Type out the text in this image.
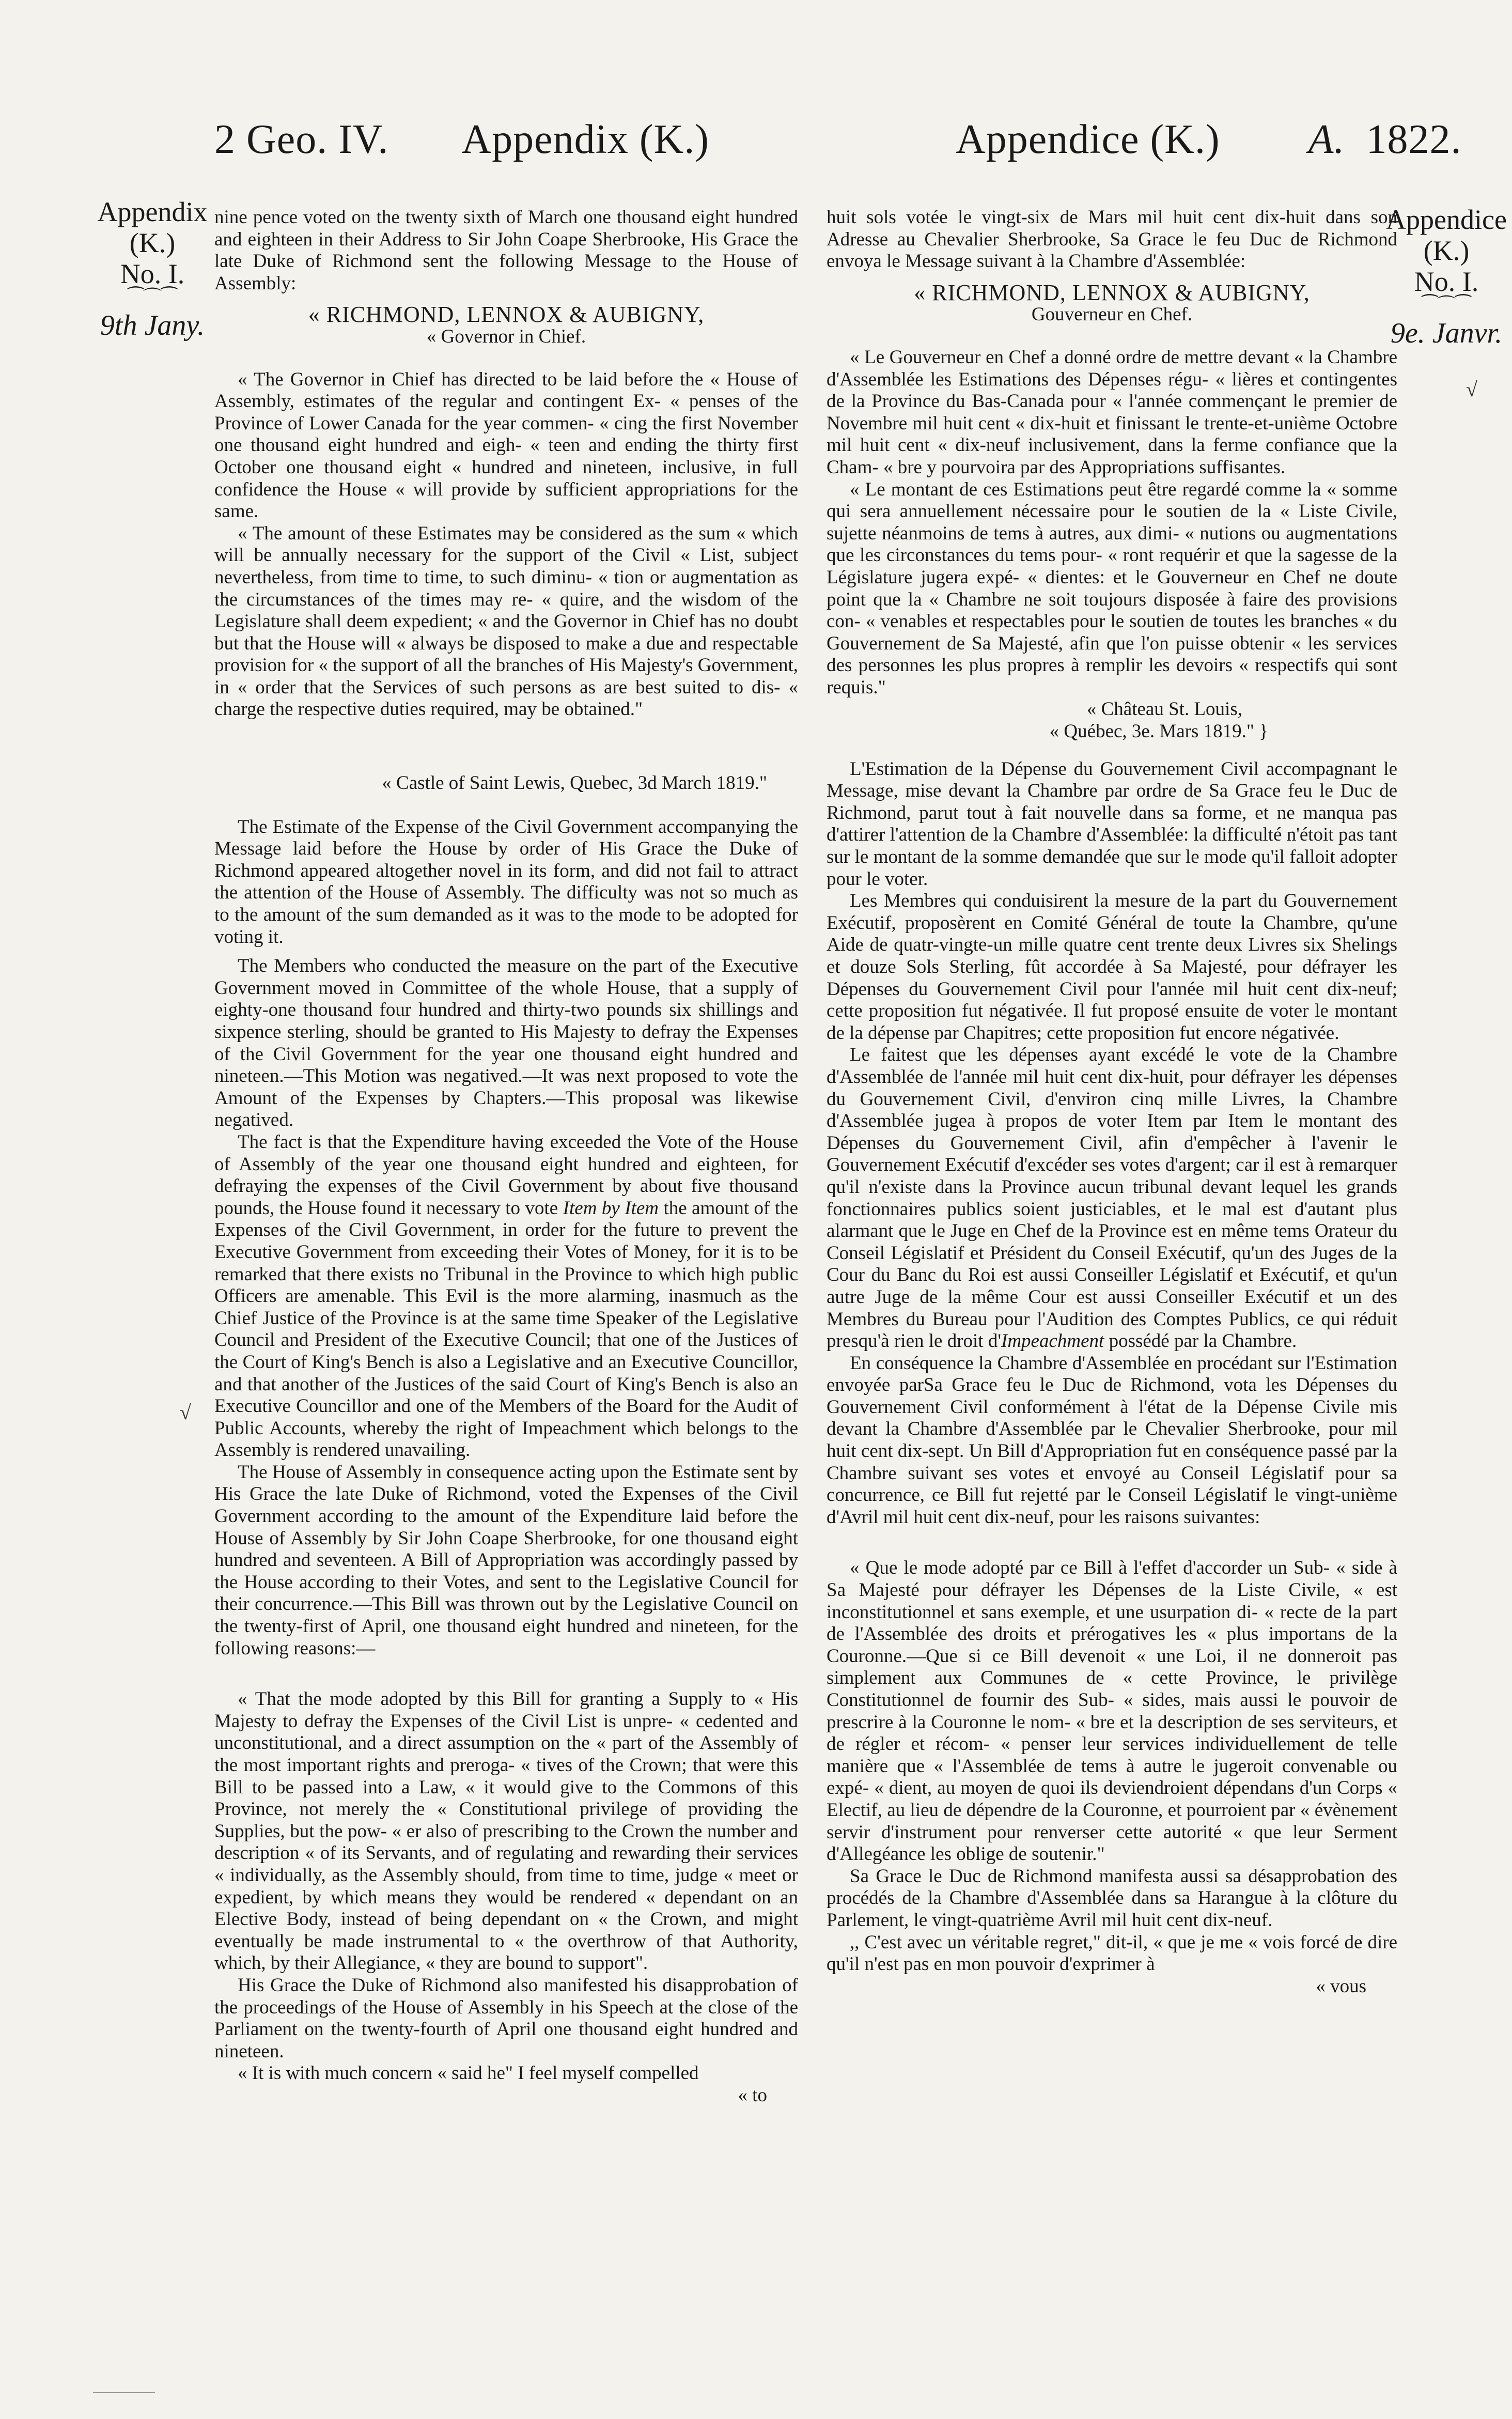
2 Geo. IV. Appendix (K.)	Appendice (K.) A. 1822.
Appendix
(K.)
No. I.
⁀⌒⁀
9th Jany.
Appendice
(K.)
No. I.
⁀⌒⁀
9e. Janvr.
√
√

nine pence voted on the twenty sixth of March one thousand eight hundred and eighteen in their Address to Sir John Coape Sherbrooke, His Grace the late Duke of Richmond sent the following Message to the House of Assembly:

« RICHMOND, LENNOX & AUBIGNY,

« Governor in Chief.

« The Governor in Chief has directed to be laid before the « House of Assembly, estimates of the regular and contingent Ex- « penses of the Province of Lower Canada for the year commen- « cing the first November one thousand eight hundred and eigh- « teen and ending the thirty first October one thousand eight « hundred and nineteen, inclusive, in full confidence the House « will provide by sufficient appropriations for the same.

« The amount of these Estimates may be considered as the sum « which will be annually necessary for the support of the Civil « List, subject nevertheless, from time to time, to such diminu- « tion or augmentation as the circumstances of the times may re- « quire, and the wisdom of the Legislature shall deem expedient; « and the Governor in Chief has no doubt but that the House will « always be disposed to make a due and respectable provision for « the support of all the branches of His Majesty's Government, in « order that the Services of such persons as are best suited to dis- « charge the respective duties required, may be obtained."

« Castle of Saint Lewis, Quebec, 3d March 1819."

The Estimate of the Expense of the Civil Government accompanying the Message laid before the House by order of His Grace the Duke of Richmond appeared altogether novel in its form, and did not fail to attract the attention of the House of Assembly. The difficulty was not so much as to the amount of the sum demanded as it was to the mode to be adopted for voting it.

The Members who conducted the measure on the part of the Executive Government moved in Committee of the whole House, that a supply of eighty-one thousand four hundred and thirty-two pounds six shillings and sixpence sterling, should be granted to His Majesty to defray the Expenses of the Civil Government for the year one thousand eight hundred and nineteen.—This Motion was negatived.—It was next proposed to vote the Amount of the Expenses by Chapters.—This proposal was likewise negatived.

The fact is that the Expenditure having exceeded the Vote of the House of Assembly of the year one thousand eight hundred and eighteen, for defraying the expenses of the Civil Government by about five thousand pounds, the House found it necessary to vote Item by Item the amount of the Expenses of the Civil Government, in order for the future to prevent the Executive Government from exceeding their Votes of Money, for it is to be remarked that there exists no Tribunal in the Province to which high public Officers are amenable. This Evil is the more alarming, inasmuch as the Chief Justice of the Province is at the same time Speaker of the Legislative Council and President of the Executive Council; that one of the Justices of the Court of King's Bench is also a Legislative and an Executive Councillor, and that another of the Justices of the said Court of King's Bench is also an Executive Councillor and one of the Members of the Board for the Audit of Public Accounts, whereby the right of Impeachment which belongs to the Assembly is rendered unavailing.

The House of Assembly in consequence acting upon the Estimate sent by His Grace the late Duke of Richmond, voted the Expenses of the Civil Government according to the amount of the Expenditure laid before the House of Assembly by Sir John Coape Sherbrooke, for one thousand eight hundred and seventeen. A Bill of Appropriation was accordingly passed by the House according to their Votes, and sent to the Legislative Council for their concurrence.—This Bill was thrown out by the Legislative Council on the twenty-first of April, one thousand eight hundred and nineteen, for the following reasons:—

« That the mode adopted by this Bill for granting a Supply to « His Majesty to defray the Expenses of the Civil List is unpre- « cedented and unconstitutional, and a direct assumption on the « part of the Assembly of the most important rights and preroga- « tives of the Crown; that were this Bill to be passed into a Law, « it would give to the Commons of this Province, not merely the « Constitutional privilege of providing the Supplies, but the pow- « er also of prescribing to the Crown the number and description « of its Servants, and of regulating and rewarding their services « individually, as the Assembly should, from time to time, judge « meet or expedient, by which means they would be rendered « dependant on an Elective Body, instead of being dependant on « the Crown, and might eventually be made instrumental to « the overthrow of that Authority, which, by their Allegiance, « they are bound to support".

His Grace the Duke of Richmond also manifested his disapprobation of the proceedings of the House of Assembly in his Speech at the close of the Parliament on the twenty-fourth of April one thousand eight hundred and nineteen.

« It is with much concern « said he" I feel myself compelled

« to

huit sols votée le vingt-six de Mars mil huit cent dix-huit dans son Adresse au Chevalier Sherbrooke, Sa Grace le feu Duc de Richmond envoya le Message suivant à la Chambre d'Assemblée:

« RICHMOND, LENNOX & AUBIGNY,

Gouverneur en Chef.

« Le Gouverneur en Chef a donné ordre de mettre devant « la Chambre d'Assemblée les Estimations des Dépenses régu- « lières et contingentes de la Province du Bas-Canada pour « l'année commençant le premier de Novembre mil huit cent « dix-huit et finissant le trente-et-unième Octobre mil huit cent « dix-neuf inclusivement, dans la ferme confiance que la Cham- « bre y pourvoira par des Appropriations suffisantes.

« Le montant de ces Estimations peut être regardé comme la « somme qui sera annuellement nécessaire pour le soutien de la « Liste Civile, sujette néanmoins de tems à autres, aux dimi- « nutions ou augmentations que les circonstances du tems pour- « ront requérir et que la sagesse de la Législature jugera expé- « dientes: et le Gouverneur en Chef ne doute point que la « Chambre ne soit toujours disposée à faire des provisions con- « venables et respectables pour le soutien de toutes les branches « du Gouvernement de Sa Majesté, afin que l'on puisse obtenir « les services des personnes les plus propres à remplir les devoirs « respectifs qui sont requis."

« Château St. Louis,

« Québec, 3e. Mars 1819." }

L'Estimation de la Dépense du Gouvernement Civil accompagnant le Message, mise devant la Chambre par ordre de Sa Grace feu le Duc de Richmond, parut tout à fait nouvelle dans sa forme, et ne manqua pas d'attirer l'attention de la Chambre d'Assemblée: la difficulté n'étoit pas tant sur le montant de la somme demandée que sur le mode qu'il falloit adopter pour le voter.

Les Membres qui conduisirent la mesure de la part du Gouvernement Exécutif, proposèrent en Comité Général de toute la Chambre, qu'une Aide de quatr-vingte-un mille quatre cent trente deux Livres six Shelings et douze Sols Sterling, fût accordée à Sa Majesté, pour défrayer les Dépenses du Gouvernement Civil pour l'année mil huit cent dix-neuf; cette proposition fut négativée. Il fut proposé ensuite de voter le montant de la dépense par Chapitres; cette proposition fut encore négativée.

Le faitest que les dépenses ayant excédé le vote de la Chambre d'Assemblée de l'année mil huit cent dix-huit, pour défrayer les dépenses du Gouvernement Civil, d'environ cinq mille Livres, la Chambre d'Assemblée jugea à propos de voter Item par Item le montant des Dépenses du Gouvernement Civil, afin d'empêcher à l'avenir le Gouvernement Exécutif d'excéder ses votes d'argent; car il est à remarquer qu'il n'existe dans la Province aucun tribunal devant lequel les grands fonctionnaires publics soient justiciables, et le mal est d'autant plus alarmant que le Juge en Chef de la Province est en même tems Orateur du Conseil Législatif et Président du Conseil Exécutif, qu'un des Juges de la Cour du Banc du Roi est aussi Conseiller Législatif et Exécutif, et qu'un autre Juge de la même Cour est aussi Conseiller Exécutif et un des Membres du Bureau pour l'Audition des Comptes Publics, ce qui réduit presqu'à rien le droit d'Impeachment possédé par la Chambre.

En conséquence la Chambre d'Assemblée en procédant sur l'Estimation envoyée parSa Grace feu le Duc de Richmond, vota les Dépenses du Gouvernement Civil conformément à l'état de la Dépense Civile mis devant la Chambre d'Assemblée par le Chevalier Sherbrooke, pour mil huit cent dix-sept. Un Bill d'Appropriation fut en conséquence passé par la Chambre suivant ses votes et envoyé au Conseil Législatif pour sa concurrence, ce Bill fut rejetté par le Conseil Législatif le vingt-unième d'Avril mil huit cent dix-neuf, pour les raisons suivantes:

« Que le mode adopté par ce Bill à l'effet d'accorder un Sub- « side à Sa Majesté pour défrayer les Dépenses de la Liste Civile, « est inconstitutionnel et sans exemple, et une usurpation di- « recte de la part de l'Assemblée des droits et prérogatives les « plus importans de la Couronne.—Que si ce Bill devenoit « une Loi, il ne donneroit pas simplement aux Communes de « cette Province, le privilège Constitutionnel de fournir des Sub- « sides, mais aussi le pouvoir de prescrire à la Couronne le nom- « bre et la description de ses serviteurs, et de régler et récom- « penser leur services individuellement de telle manière que « l'Assemblée de tems à autre le jugeroit convenable ou expé- « dient, au moyen de quoi ils deviendroient dépendans d'un Corps « Electif, au lieu de dépendre de la Couronne, et pourroient par « évènement servir d'instrument pour renverser cette autorité « que leur Serment d'Allegéance les oblige de soutenir."

Sa Grace le Duc de Richmond manifesta aussi sa désapprobation des procédés de la Chambre d'Assemblée dans sa Harangue à la clôture du Parlement, le vingt-quatrième Avril mil huit cent dix-neuf.

,, C'est avec un véritable regret," dit-il, « que je me « vois forcé de dire qu'il n'est pas en mon pouvoir d'exprimer à

« vous
